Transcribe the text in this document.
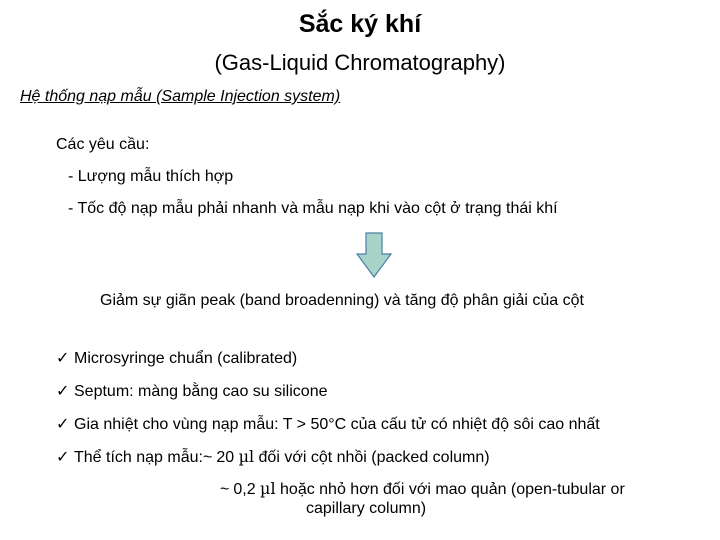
Sắc ký khí
(Gas-Liquid Chromatography)
Hệ thống nạp mẫu (Sample Injection system)
Các yêu cầu:
- Lượng mẫu thích hợp
- Tốc độ nạp mẫu phải nhanh và mẫu nạp khi vào cột ở trạng thái khí
Giảm sự giãn peak (band broadenning) và tăng độ phân giải của cột
✓ Microsyringe chuẩn (calibrated)
✓ Septum: màng bằng cao su silicone
✓ Gia nhiệt cho vùng nạp mẫu: T > 50°C của cấu tử có nhiệt độ sôi cao nhất
✓ Thể tích nạp mẫu:~ 20 µl đối với cột nhồi (packed column)
~ 0,2 µl hoặc nhỏ hơn đối với mao quản (open-tubular or
capillary column)
